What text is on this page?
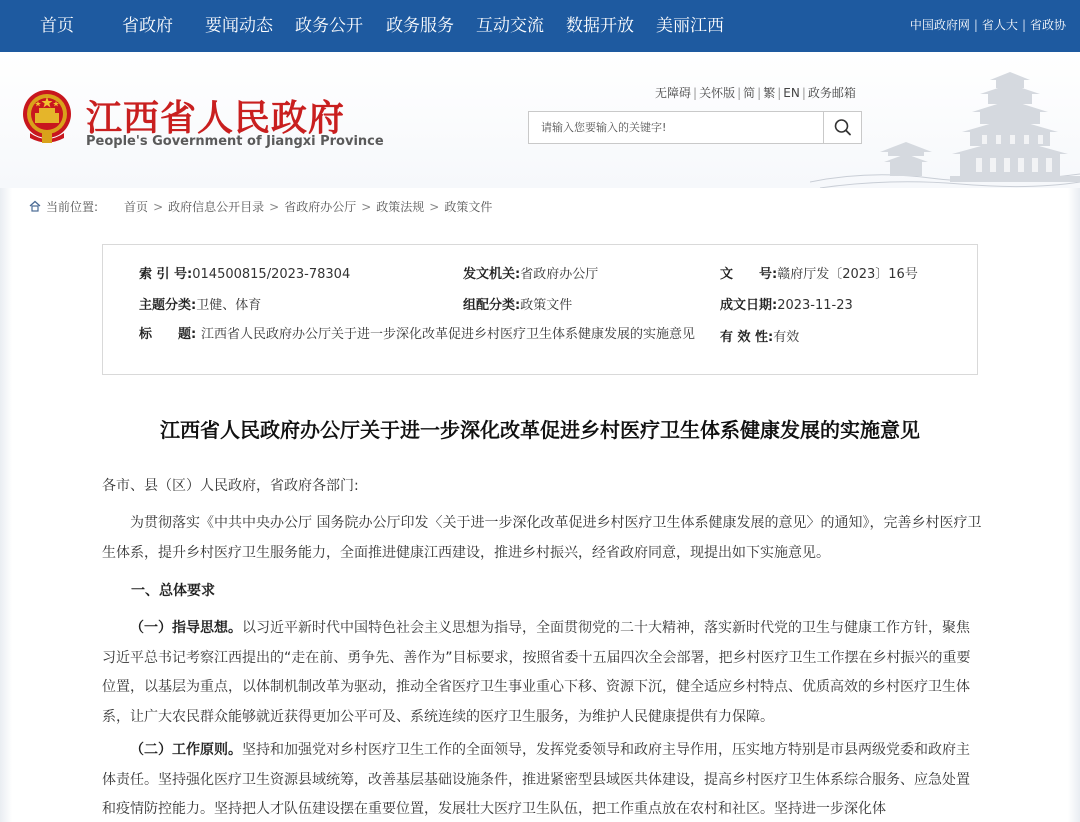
首页	省政府 要闻动态 政务公开 政务服务 互动交流 数据开放 美丽江西	中国政府网 | 省人大 | 省政协
江西省人民政府
People's Government of Jiangxi Province
无障碍 | 关怀版 | 简 | 繁 | EN | 政务邮箱
请输入您要输入的关键字!
当前位置: 首页 > 政府信息公开目录 > 省政府办公厅 > 政策法规 > 政策文件
索 引 号:014500815/2023-78304	发文机关:省政府办公厅	文　　号:赣府厅发〔2023〕16号
主题分类:卫健、体育	组配分类:政策文件	成文日期:2023-11-23
标　　题: 江西省人民政府办公厅关于进一步深化改革促进乡村医疗卫生体系健康发展的实施意见	有 效 性:有效
江西省人民政府办公厅关于进一步深化改革促进乡村医疗卫生体系健康发展的实施意见
各市、县（区）人民政府，省政府各部门:
为贯彻落实《中共中央办公厅 国务院办公厅印发〈关于进一步深化改革促进乡村医疗卫生体系健康发展的意见〉的通知》，完善乡村医疗卫生体系，提升乡村医疗卫生服务能力，全面推进健康江西建设，推进乡村振兴，经省政府同意，现提出如下实施意见。
一、总体要求
（一）指导思想。以习近平新时代中国特色社会主义思想为指导，全面贯彻党的二十大精神，落实新时代党的卫生与健康工作方针，聚焦习近平总书记考察江西提出的“走在前、勇争先、善作为”目标要求，按照省委十五届四次全会部署，把乡村医疗卫生工作摆在乡村振兴的重要位置，以基层为重点，以体制机制改革为驱动，推动全省医疗卫生事业重心下移、资源下沉，健全适应乡村特点、优质高效的乡村医疗卫生体系，让广大农民群众能够就近获得更加公平可及、系统连续的医疗卫生服务，为维护人民健康提供有力保障。
（二）工作原则。坚持和加强党对乡村医疗卫生工作的全面领导，发挥党委领导和政府主导作用，压实地方特别是市县两级党委和政府主体责任。坚持强化医疗卫生资源县域统筹，改善基层基础设施条件，推进紧密型县域医共体建设，提高乡村医疗卫生体系综合服务、应急处置和疫情防控能力。坚持把人才队伍建设摆在重要位置，发展壮大医疗卫生队伍，把工作重点放在农村和社区。坚持进一步深化体
